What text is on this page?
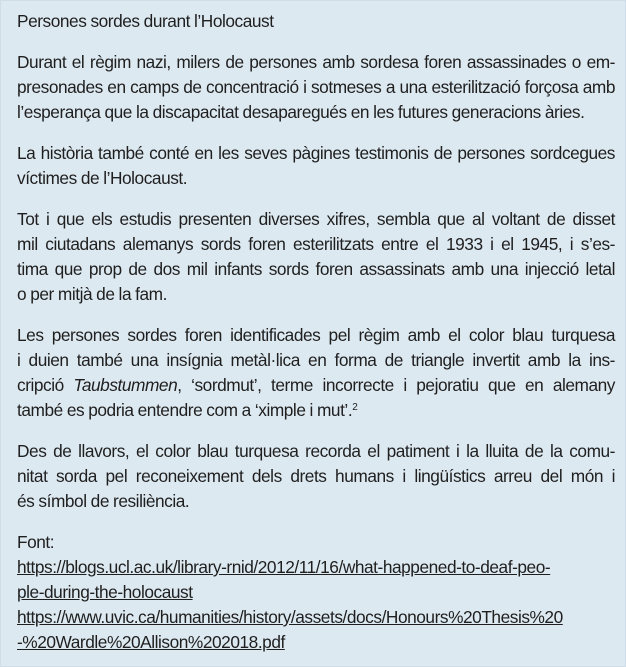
Persones sordes durant l’Holocaust

Durant el règim nazi, milers de persones amb sordesa foren assassinades o em-
presonades en camps de concentració i sotmeses a una esterilització forçosa amb
l’esperança que la discapacitat desaparegués en les futures generacions àries.

La història també conté en les seves pàgines testimonis de persones sordcegues
víctimes de l’Holocaust.

Tot i que els estudis presenten diverses xifres, sembla que al voltant de disset
mil ciutadans alemanys sords foren esterilitzats entre el 1933 i el 1945, i s’es-
tima que prop de dos mil infants sords foren assassinats amb una injecció letal
o per mitjà de la fam.

Les persones sordes foren identificades pel règim amb el color blau turquesa
i duien també una insígnia metàl·lica en forma de triangle invertit amb la ins-
cripció Taubstummen, ‘sordmut’, terme incorrecte i pejoratiu que en alemany
també es podria entendre com a ‘ximple i mut’.$^2$

Des de llavors, el color blau turquesa recorda el patiment i la lluita de la comu-
nitat sorda pel reconeixement dels drets humans i lingüístics arreu del món i
és símbol de resiliència.

Font:
https://blogs.ucl.ac.uk/library-rnid/2012/11/16/what-happened-to-deaf-peo-
ple-during-the-holocaust
https://www.uvic.ca/humanities/history/assets/docs/Honours%20Thesis%20
-%20Wardle%20Allison%202018.pdf
